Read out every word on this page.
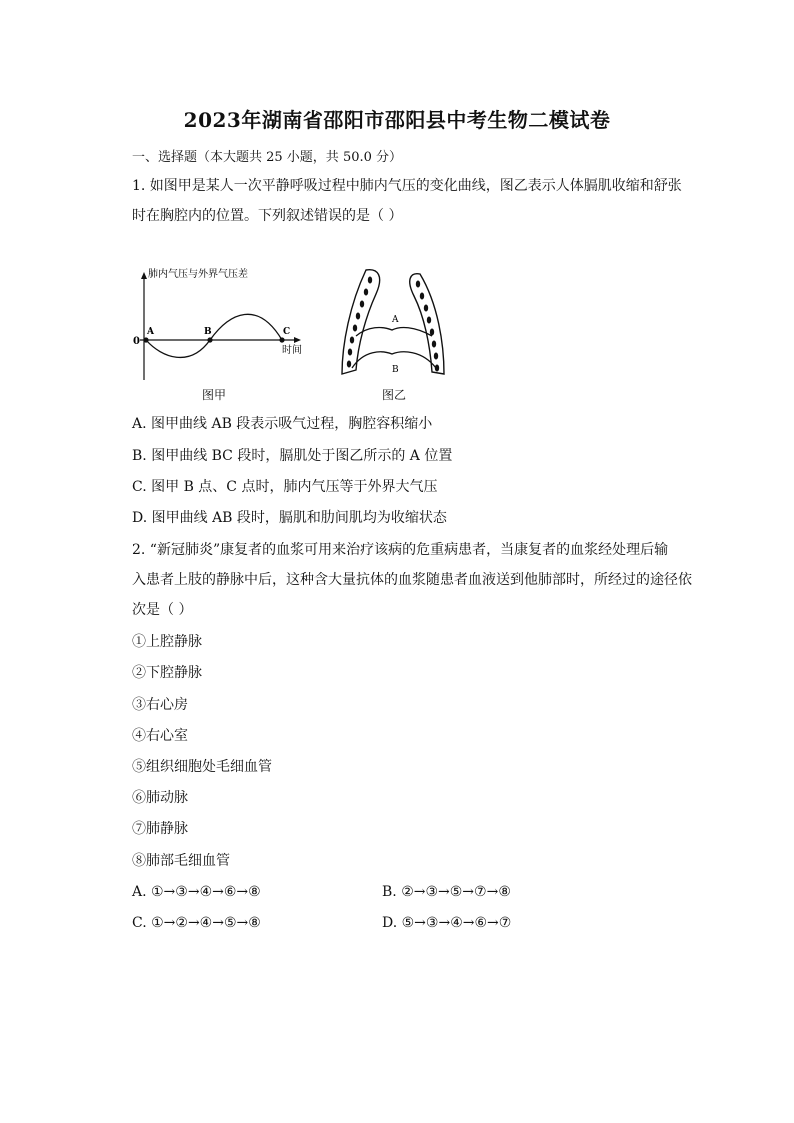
2023年湖南省邵阳市邵阳县中考生物二模试卷
一、选择题（本大题共 25 小题，共 50.0 分）
1. 如图甲是某人一次平静呼吸过程中肺内气压的变化曲线，图乙表示人体膈肌收缩和舒张
时在胸腔内的位置。下列叙述错误的是（ ）
肺内气压与外界气压差
时间
0
A	B	C
A
B
图甲	图乙
A. 图甲曲线 AB 段表示吸气过程，胸腔容积缩小
B. 图甲曲线 BC 段时，膈肌处于图乙所示的 A 位置
C. 图甲 B 点、C 点时，肺内气压等于外界大气压
D. 图甲曲线 AB 段时，膈肌和肋间肌均为收缩状态
2. “新冠肺炎”康复者的血浆可用来治疗该病的危重病患者，当康复者的血浆经处理后输
入患者上肢的静脉中后，这种含大量抗体的血浆随患者血液送到他肺部时，所经过的途径依
次是（ ）
①上腔静脉
②下腔静脉
③右心房
④右心室
⑤组织细胞处毛细血管
⑥肺动脉
⑦肺静脉
⑧肺部毛细血管
A. ①→③→④→⑥→⑧	B. ②→③→⑤→⑦→⑧
C. ①→②→④→⑤→⑧	D. ⑤→③→④→⑥→⑦
